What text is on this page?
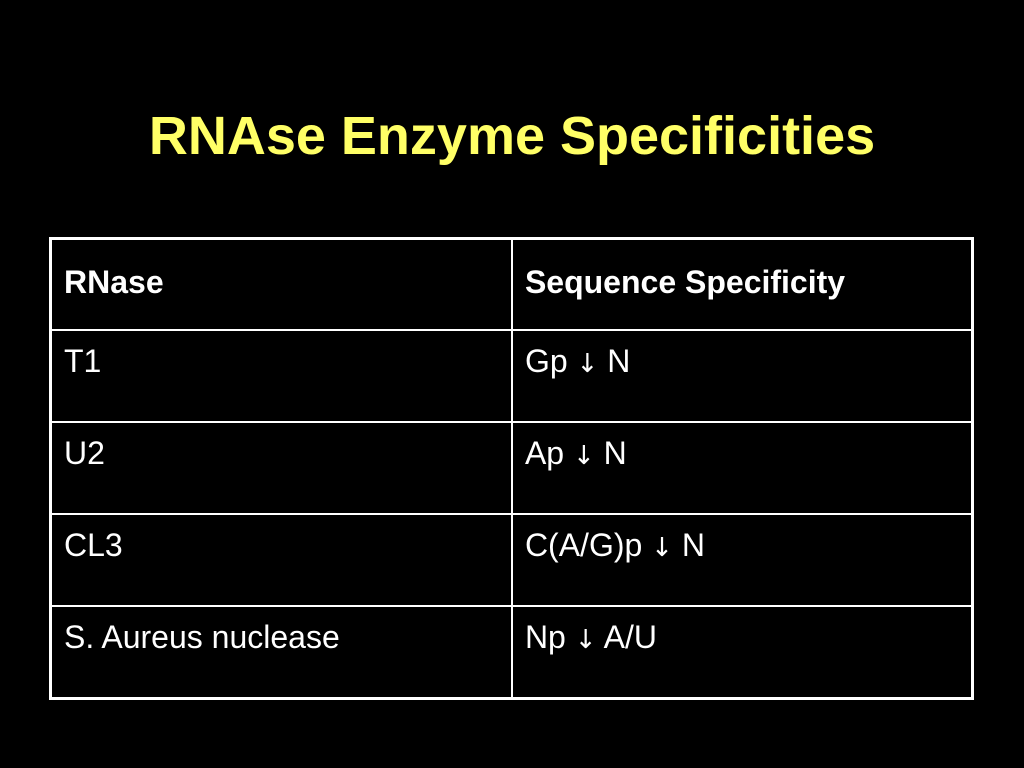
RNAse Enzyme Specificities
RNase	Sequence Specificity
T1	Gp ↓ N
U2	Ap ↓ N
CL3	C(A/G)p ↓ N
S. Aureus nuclease	Np ↓ A/U
